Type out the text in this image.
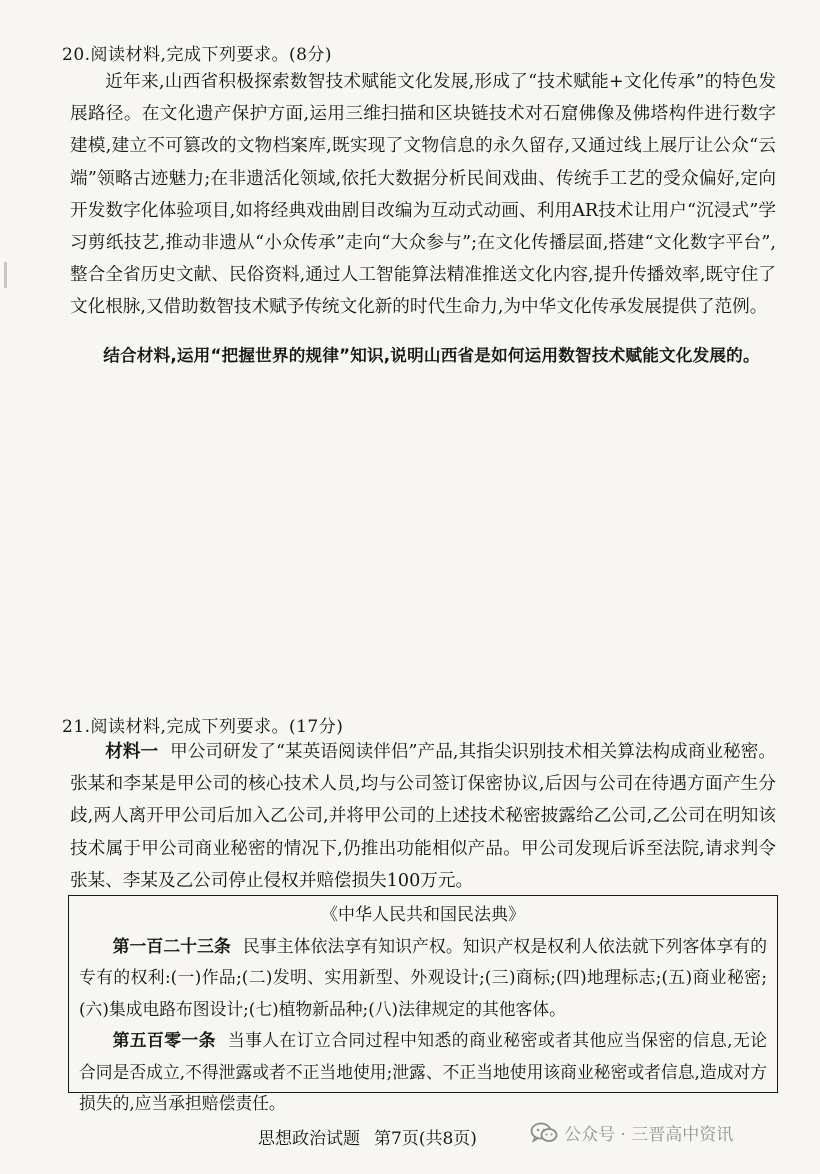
20.阅读材料,完成下列要求。(8分)
近年来,山西省积极探索数智技术赋能文化发展,形成了“技术赋能+文化传承”的特色发展路径。在文化遗产保护方面,运用三维扫描和区块链技术对石窟佛像及佛塔构件进行数字建模,建立不可篡改的文物档案库,既实现了文物信息的永久留存,又通过线上展厅让公众“云端”领略古迹魅力;在非遗活化领域,依托大数据分析民间戏曲、传统手工艺的受众偏好,定向开发数字化体验项目,如将经典戏曲剧目改编为互动式动画、利用AR技术让用户“沉浸式”学习剪纸技艺,推动非遗从“小众传承”走向“大众参与”;在文化传播层面,搭建“文化数字平台”,整合全省历史文献、民俗资料,通过人工智能算法精准推送文化内容,提升传播效率,既守住了文化根脉,又借助数智技术赋予传统文化新的时代生命力,为中华文化传承发展提供了范例。
结合材料,运用“把握世界的规律”知识,说明山西省是如何运用数智技术赋能文化发展的。
21.阅读材料,完成下列要求。(17分)
材料一 甲公司研发了“某英语阅读伴侣”产品,其指尖识别技术相关算法构成商业秘密。张某和李某是甲公司的核心技术人员,均与公司签订保密协议,后因与公司在待遇方面产生分歧,两人离开甲公司后加入乙公司,并将甲公司的上述技术秘密披露给乙公司,乙公司在明知该技术属于甲公司商业秘密的情况下,仍推出功能相似产品。甲公司发现后诉至法院,请求判令张某、李某及乙公司停止侵权并赔偿损失100万元。
《中华人民共和国民法典》

第一百二十三条 民事主体依法享有知识产权。知识产权是权利人依法就下列客体享有的专有的权利:(一)作品;(二)发明、实用新型、外观设计;(三)商标;(四)地理标志;(五)商业秘密;(六)集成电路布图设计;(七)植物新品种;(八)法律规定的其他客体。

第五百零一条 当事人在订立合同过程中知悉的商业秘密或者其他应当保密的信息,无论合同是否成立,不得泄露或者不正当地使用;泄露、不正当地使用该商业秘密或者信息,造成对方损失的,应当承担赔偿责任。

思想政治试题 第7页(共8页)	公众号 · 三晋高中资讯
